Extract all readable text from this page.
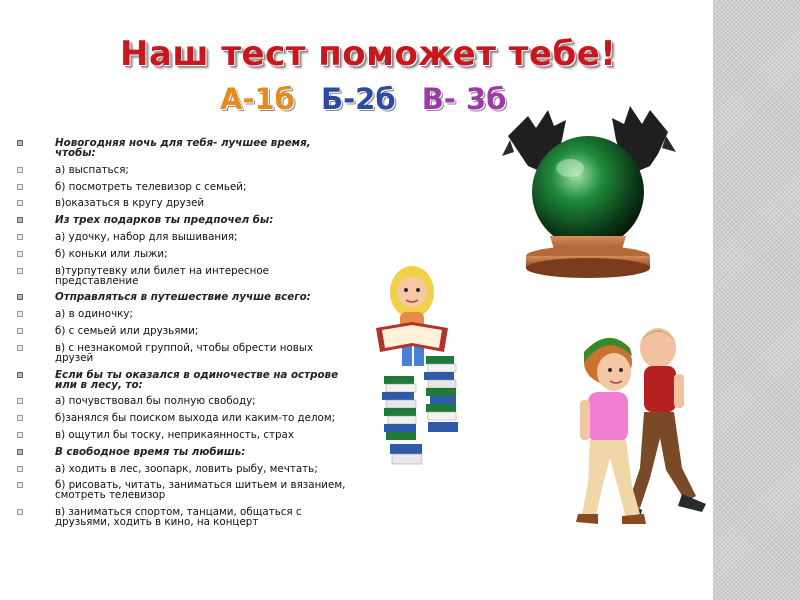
Наш тест поможет тебе!
А-1б Б-2б В- 3б
Новогодняя ночь для тебя- лучшее время, чтобы:
а) выспаться;
б) посмотреть телевизор с семьей;
в)оказаться в кругу друзей
Из трех подарков ты предпочел бы:
а) удочку, набор для вышивания;
б) коньки или лыжи;
в)турпутевку или билет на интересное представление
Отправляться в путешествие лучше всего:
а) в одиночку;
б) с семьей или друзьями;
в) с незнакомой группой, чтобы обрести новых друзей
Если бы ты оказался в одиночестве на острове или в лесу, то:
а) почувствовал бы полную свободу;
б)занялся бы поиском выхода или каким-то делом;
в) ощутил бы тоску, неприкаянность, страх
В свободное время ты любишь:
а) ходить в лес, зоопарк, ловить рыбу, мечтать;
б) рисовать, читать, заниматься шитьем и вязанием, смотреть телевизор
в) заниматься спортом, танцами, общаться с друзьями, ходить в кино, на концерт
